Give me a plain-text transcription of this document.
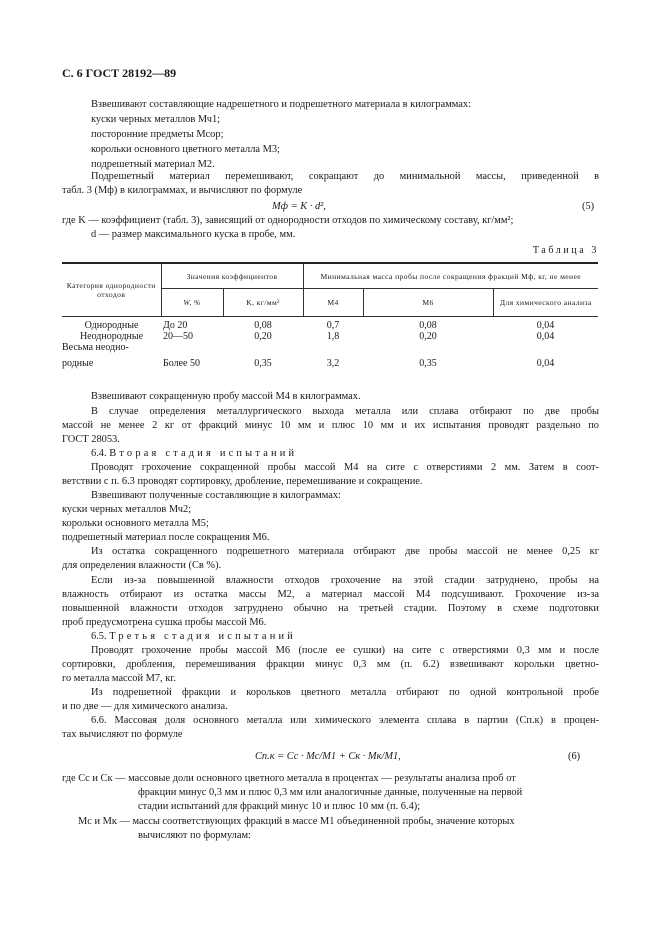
С. 6 ГОСТ 28192—89
Взвешивают составляющие надрешетного и подрешетного материала в килограммах:
куски черных металлов Мч1;
посторонние предметы Мсор;
корольки основного цветного металла М3;
подрешетный материал М2.
Подрешетный материал перемешивают, сокращают до минимальной массы, приведенной в
табл. 3 (Mф) в килограммах, и вычисляют по формуле
Mф = K · d²,	(5)
где K — коэффициент (табл. 3), зависящий от однородности отходов по химическому составу, кг/мм²;
d — размер максимального куска в пробе, мм.
Таблица 3
Категория однородности отходов	Значения коэффициентов		Минимальная масса пробы после сокращения фракций Mф, кг, не менее		
	W, %	K, кг/мм²	М4	М6	Для химического анализа
Однородные	До 20	0,08	0,7	0,08	0,04
Неоднородные	20—50	0,20	1,8	0,20	0,04
Весьма неодно-					
родные	Более 50	0,35	3,2	0,35	0,04
Взвешивают сокращенную пробу массой М4 в килограммах.
В случае определения металлургического выхода металла или сплава отбирают по две пробы
массой не менее 2 кг от фракций минус 10 мм и плюс 10 мм и их испытания проводят раздельно по
ГОСТ 28053.
6.4. Вторая стадия испытаний
Проводят грохочение сокращенной пробы массой М4 на сите с отверстиями 2 мм. Затем в соот-
ветствии с п. 6.3 проводят сортировку, дробление, перемешивание и сокращение.
Взвешивают полученные составляющие в килограммах:
куски черных металлов Мч2;
корольки основного металла М5;
подрешетный материал после сокращения М6.
Из остатка сокращенного подрешетного материала отбирают две пробы массой не менее 0,25 кг
для определения влажности (Cв %).
Если из-за повышенной влажности отходов грохочение на этой стадии затруднено, пробы на
влажность отбирают из остатка массы М2, а материал массой М4 подсушивают. Грохочение из-за
повышенной влажности отходов затруднено обычно на третьей стадии. Поэтому в схеме подготовки
проб предусмотрена сушка пробы массой М6.
6.5. Третья стадия испытаний
Проводят грохочение пробы массой М6 (после ее сушки) на сите с отверстиями 0,3 мм и после
сортировки, дробления, перемешивания фракции минус 0,3 мм (п. 6.2) взвешивают корольки цветно-
го металла массой М7, кг.
Из подрешетной фракции и корольков цветного металла отбирают по одной контрольной пробе
и по две — для химического анализа.
6.6. Массовая доля основного металла или химического элемента сплава в партии (Cп.к) в процен-
тах вычисляют по формуле
Cп.к = Cс · Mс/M1 + Cк · Mк/M1,	(6)
где Cс и Cк — массовые доли основного цветного металла в процентах — результаты анализа проб от
фракции минус 0,3 мм и плюс 0,3 мм или аналогичные данные, полученные на первой
стадии испытаний для фракций минус 10 и плюс 10 мм (п. 6.4);
Mс и Mк — массы соответствующих фракций в массе М1 объединенной пробы, значение которых
вычисляют по формулам:
